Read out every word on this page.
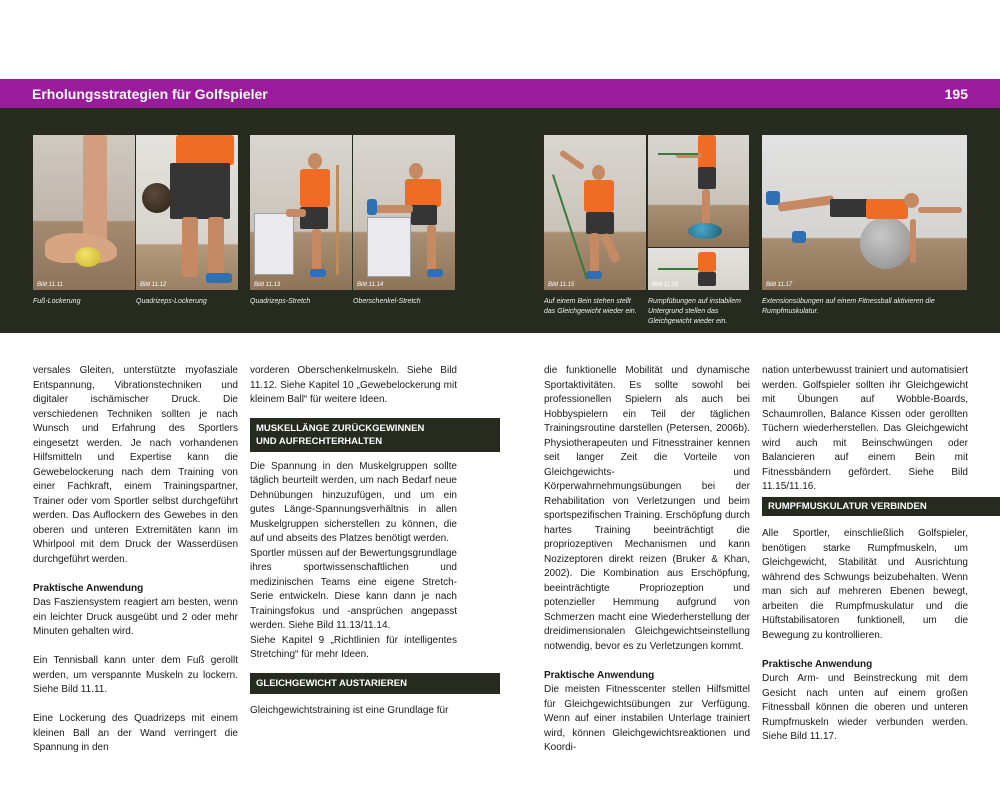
Erholungsstrategien für Golfspieler	195
Bild 11.11	Bild 11.12	Bild 11.13	Bild 11.14	Bild 11.15	Bild 11.16	Bild 11.17
Fuß-Lockerung	Quadrizeps-Lockerung	Quadrizeps-Stretch	Oberschenkel-Stretch	Auf einem Bein stehen stellt
das Gleichgewicht wieder ein.
Rumpfübungen auf instabilem
Untergrund stellen das
Gleichgewicht wieder ein.
Extensionsübungen auf einem Fitnessball aktivieren die
Rumpfmuskulatur.

versales Gleiten, unterstützte myofasziale Entspannung, Vibrationstechniken und digitaler ischämischer Druck. Die verschiedenen Techniken sollten je nach Wunsch und Erfahrung des Sportlers eingesetzt werden. Je nach vorhandenen Hilfsmitteln und Expertise kann die Gewebelockerung nach dem Training von einer Fachkraft, einem Trainingspartner, Trainer oder vom Sportler selbst durchgeführt werden. Das Auflockern des Gewebes in den oberen und unteren Extremitäten kann im Whirlpool mit dem Druck der Wasserdüsen durchgeführt werden.

Praktische Anwendung

Das Fasziensystem reagiert am besten, wenn ein leichter Druck ausgeübt und 2 oder mehr Minuten gehalten wird.

Ein Tennisball kann unter dem Fuß gerollt werden, um verspannte Muskeln zu lockern. Siehe Bild 11.11.

Eine Lockerung des Quadrizeps mit einem kleinen Ball an der Wand verringert die Spannung in den

vorderen Oberschenkelmuskeln. Siehe Bild 11.12. Siehe Kapitel 10 „Gewebelockerung mit kleinem Ball“ für weitere Ideen.

MUSKELLÄNGE ZURÜCKGEWINNEN
UND AUFRECHTERHALTEN

Die Spannung in den Muskelgruppen sollte täglich beurteilt werden, um nach Bedarf neue Dehnübungen hinzuzufügen, und um ein gutes Länge-Spannungsverhältnis in allen Muskelgruppen sicherstellen zu können, die auf und abseits des Platzes benötigt werden.

Sportler müssen auf der Bewertungsgrundlage ihres sportwissenschaftlichen und medizinischen Teams eine eigene Stretch-Serie entwickeln. Diese kann dann je nach Trainingsfokus und -ansprüchen angepasst werden. Siehe Bild 11.13/11.14.

Siehe Kapitel 9 „Richtlinien für intelligentes Stretching“ für mehr Ideen.

GLEICHGEWICHT AUSTARIEREN

Gleichgewichtstraining ist eine Grundlage für

die funktionelle Mobilität und dynamische Sportaktivitäten. Es sollte sowohl bei professionellen Spielern als auch bei Hobbyspielern ein Teil der täglichen Trainingsroutine darstellen (Petersen, 2006b). Physiotherapeuten und Fitnesstrainer kennen seit langer Zeit die Vorteile von Gleichgewichts- und Körperwahrnehmungsübungen bei der Rehabilitation von Verletzungen und beim sportspezifischen Training. Erschöpfung durch hartes Training beeinträchtigt die propriozeptiven Mechanismen und kann Nozizeptoren direkt reizen (Bruker & Khan, 2002). Die Kombination aus Erschöpfung, beeinträchtigte Propriozeption und potenzieller Hemmung aufgrund von Schmerzen macht eine Wiederherstellung der dreidimensionalen Gleichgewichtseinstellung notwendig, bevor es zu Verletzungen kommt.

Praktische Anwendung

Die meisten Fitnesscenter stellen Hilfsmittel für Gleichgewichtsübungen zur Verfügung. Wenn auf einer instabilen Unterlage trainiert wird, können Gleichgewichtsreaktionen und Koordi-

nation unterbewusst trainiert und automatisiert werden. Golfspieler sollten ihr Gleichgewicht mit Übungen auf Wobble-Boards, Schaumrollen, Balance Kissen oder gerollten Tüchern wiederherstellen. Das Gleichgewicht wird auch mit Beinschwüngen oder Balancieren auf einem Bein mit Fitnessbändern gefördert. Siehe Bild 11.15/11.16.

RUMPFMUSKULATUR VERBINDEN

Alle Sportler, einschließlich Golfspieler, benötigen starke Rumpfmuskeln, um Gleichgewicht, Stabilität und Ausrichtung während des Schwungs beizubehalten. Wenn man sich auf mehreren Ebenen bewegt, arbeiten die Rumpfmuskulatur und die Hüftstabilisatoren funktionell, um die Bewegung zu kontrollieren.

Praktische Anwendung

Durch Arm- und Beinstreckung mit dem Gesicht nach unten auf einem großen Fitnessball können die oberen und unteren Rumpfmuskeln wieder verbunden werden. Siehe Bild 11.17.
